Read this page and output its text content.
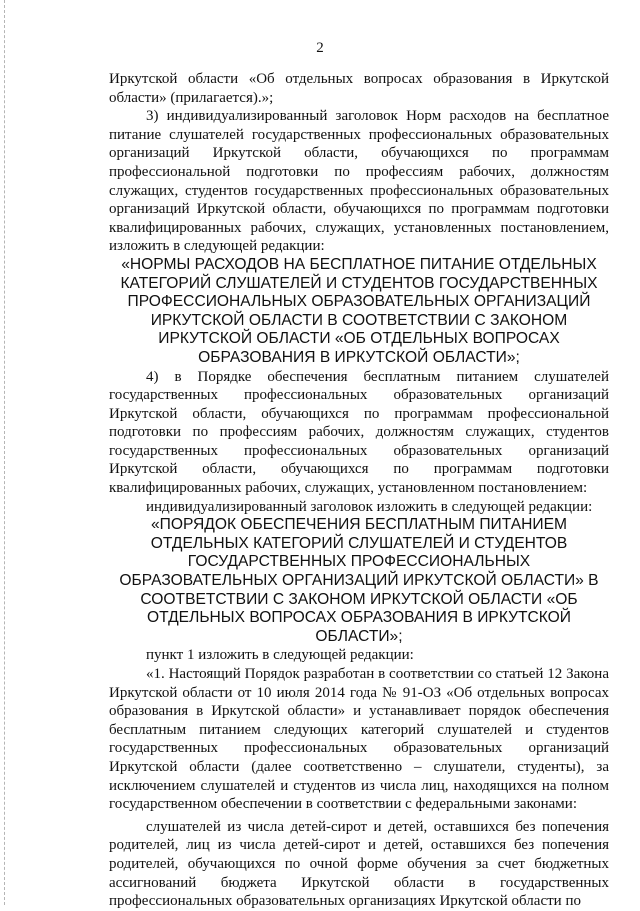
2

Иркутской области «Об отдельных вопросах образования в Иркутской области» (прилагается).»;

3) индивидуализированный заголовок Норм расходов на бесплатное питание слушателей государственных профессиональных образовательных организаций Иркутской области, обучающихся по программам профессиональной подготовки по профессиям рабочих, должностям служащих, студентов государственных профессиональных образовательных организаций Иркутской области, обучающихся по программам подготовки квалифицированных рабочих, служащих, установленных постановлением, изложить в следующей редакции:

«НОРМЫ РАСХОДОВ НА БЕСПЛАТНОЕ ПИТАНИЕ ОТДЕЛЬНЫХ КАТЕГОРИЙ СЛУШАТЕЛЕЙ И СТУДЕНТОВ ГОСУДАРСТВЕННЫХ ПРОФЕССИОНАЛЬНЫХ ОБРАЗОВАТЕЛЬНЫХ ОРГАНИЗАЦИЙ ИРКУТСКОЙ ОБЛАСТИ В СООТВЕТСТВИИ С ЗАКОНОМ ИРКУТСКОЙ ОБЛАСТИ «ОБ ОТДЕЛЬНЫХ ВОПРОСАХ ОБРАЗОВАНИЯ В ИРКУТСКОЙ ОБЛАСТИ»;

4) в Порядке обеспечения бесплатным питанием слушателей государственных профессиональных образовательных организаций Иркутской области, обучающихся по программам профессиональной подготовки по профессиям рабочих, должностям служащих, студентов государственных профессиональных образовательных организаций Иркутской области, обучающихся по программам подготовки квалифицированных рабочих, служащих, установленном постановлением:

индивидуализированный заголовок изложить в следующей редакции:

«ПОРЯДОК ОБЕСПЕЧЕНИЯ БЕСПЛАТНЫМ ПИТАНИЕМ ОТДЕЛЬНЫХ КАТЕГОРИЙ СЛУШАТЕЛЕЙ И СТУДЕНТОВ ГОСУДАРСТВЕННЫХ ПРОФЕССИОНАЛЬНЫХ ОБРАЗОВАТЕЛЬНЫХ ОРГАНИЗАЦИЙ ИРКУТСКОЙ ОБЛАСТИ» В СООТВЕТСТВИИ С ЗАКОНОМ ИРКУТСКОЙ ОБЛАСТИ «ОБ ОТДЕЛЬНЫХ ВОПРОСАХ ОБРАЗОВАНИЯ В ИРКУТСКОЙ ОБЛАСТИ»;

пункт 1 изложить в следующей редакции:

«1. Настоящий Порядок разработан в соответствии со статьей 12 Закона Иркутской области от 10 июля 2014 года № 91-ОЗ «Об отдельных вопросах образования в Иркутской области» и устанавливает порядок обеспечения бесплатным питанием следующих категорий слушателей и студентов государственных профессиональных образовательных организаций Иркутской области (далее соответственно – слушатели, студенты), за исключением слушателей и студентов из числа лиц, находящихся на полном государственном обеспечении в соответствии с федеральными законами:

слушателей из числа детей-сирот и детей, оставшихся без попечения родителей, лиц из числа детей-сирот и детей, оставшихся без попечения родителей, обучающихся по очной форме обучения за счет бюджетных ассигнований бюджета Иркутской области в государственных профессиональных образовательных организациях Иркутской области по
